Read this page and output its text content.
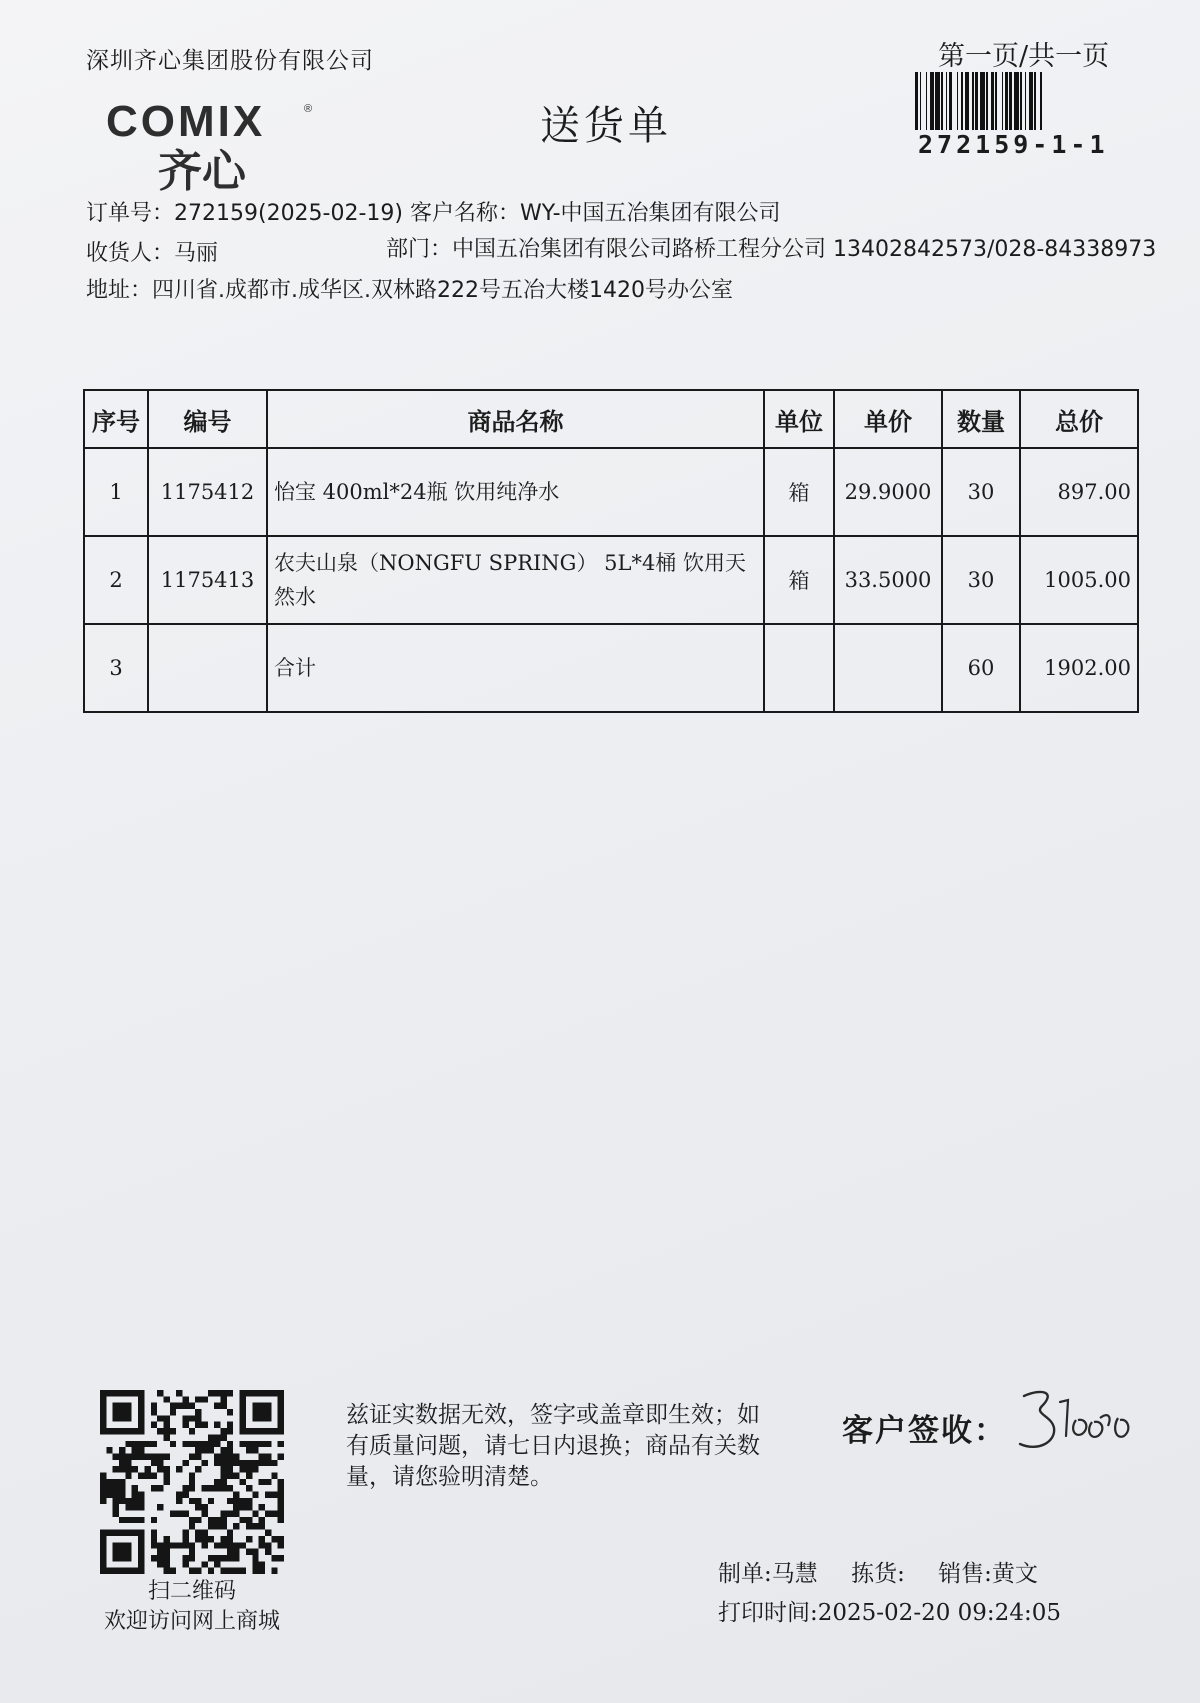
深圳齐心集团股份有限公司	第一页/共一页
272159-1-1
COMIX	®
齐心
送货单
订单号：272159(2025-02-19) 客户名称：WY-中国五冶集团有限公司
收货人：马丽	部门：中国五冶集团有限公司路桥工程分公司 13402842573/028-84338973
地址：四川省.成都市.成华区.双林路222号五冶大楼1420号办公室
序号	编号	商品名称	单位	单价	数量	总价
1	1175412	怡宝 400ml*24瓶 饮用纯净水	箱	29.9000	30	897.00
2	1175413	农夫山泉（NONGFU SPRING） 5L*4桶 饮用天然水	箱	33.5000	30	1005.00
3		合计			60	1902.00
扫二维码
欢迎访问网上商城
兹证实数据无效，签字或盖章即生效；如有质量问题，请七日内退换；商品有关数量，请您验明清楚。
客户签收：
制单:马慧 拣货: 销售:黄文
打印时间:2025-02-20 09:24:05
